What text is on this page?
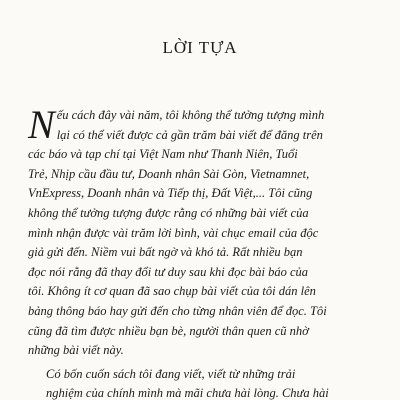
LỜI TỰA

N ếu cách đây vài năm, tôi không thể tưởng tượng mình
lại có thể viết được cả gần trăm bài viết để đăng trên
các báo và tạp chí tại Việt Nam như Thanh Niên, Tuổi
Trẻ, Nhịp cầu đầu tư, Doanh nhân Sài Gòn, Vietnamnet,
VnExpress, Doanh nhân và Tiếp thị, Đất Việt,... Tôi cũng
không thể tưởng tượng được rằng có những bài viết của
mình nhận được vài trăm lời bình, vài chục email của độc
giả gửi đến. Niềm vui bất ngờ và khó tả. Rất nhiều bạn
đọc nói rằng đã thay đổi tư duy sau khi đọc bài báo của
tôi. Không ít cơ quan đã sao chụp bài viết của tôi dán lên
bảng thông báo hay gửi đến cho từng nhân viên để đọc. Tôi
cũng đã tìm được nhiều bạn bè, người thân quen cũ nhờ
những bài viết này.

Có bốn cuốn sách tôi đang viết, viết từ những trải
nghiệm của chính mình mà mãi chưa hài lòng. Chưa hài
